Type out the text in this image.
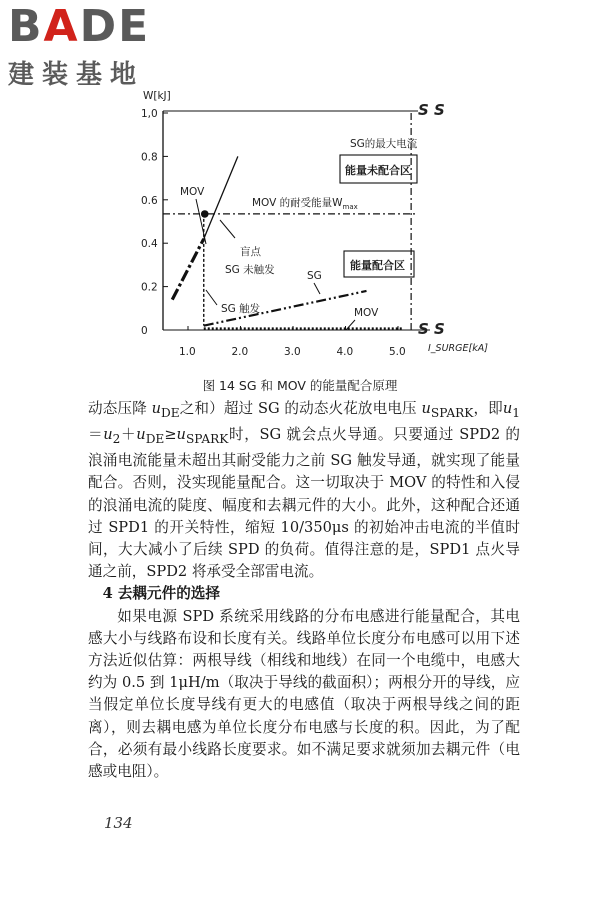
BADE
建装基地
S S
S S
0
0.2
0.4
0.6
0.8
1,0
1.0	2.0	3.0	4.0	5.0
W[kJ]
I_SURGE[kA]
MOV 的耐受能量$W_{max}$
SG的最大电流
能量未配合区
能量配合区
MOV
盲点
SG 未触发
SG 触发
SG
MOV
图 14 SG 和 MOV 的能量配合原理

动态压降 $u_{DE}$之和）超过 SG 的动态火花放电电压 $u_{SPARK}$，即$u_1=u_2+u_{DE}\ge u_{SPARK}$时，SG 就会点火导通。只要通过 SPD2 的浪涌电流能量未超出其耐受能力之前 SG 触发导通，就实现了能量配合。否则，没实现能量配合。这一切取决于 MOV 的特性和入侵的浪涌电流的陡度、幅度和去耦元件的大小。此外，这种配合还通过 SPD1 的开关特性，缩短 10/350μs 的初始冲击电流的半值时间，大大减小了后续 SPD 的负荷。值得注意的是，SPD1 点火导通之前，SPD2 将承受全部雷电流。

4 去耦元件的选择

如果电源 SPD 系统采用线路的分布电感进行能量配合，其电感大小与线路布设和长度有关。线路单位长度分布电感可以用下述方法近似估算：两根导线（相线和地线）在同一个电缆中，电感大约为 0.5 到 1μH/m（取决于导线的截面积）；两根分开的导线，应当假定单位长度导线有更大的电感值（取决于两根导线之间的距离），则去耦电感为单位长度分布电感与长度的积。因此，为了配合，必须有最小线路长度要求。如不满足要求就须加去耦元件（电感或电阻）。

134
